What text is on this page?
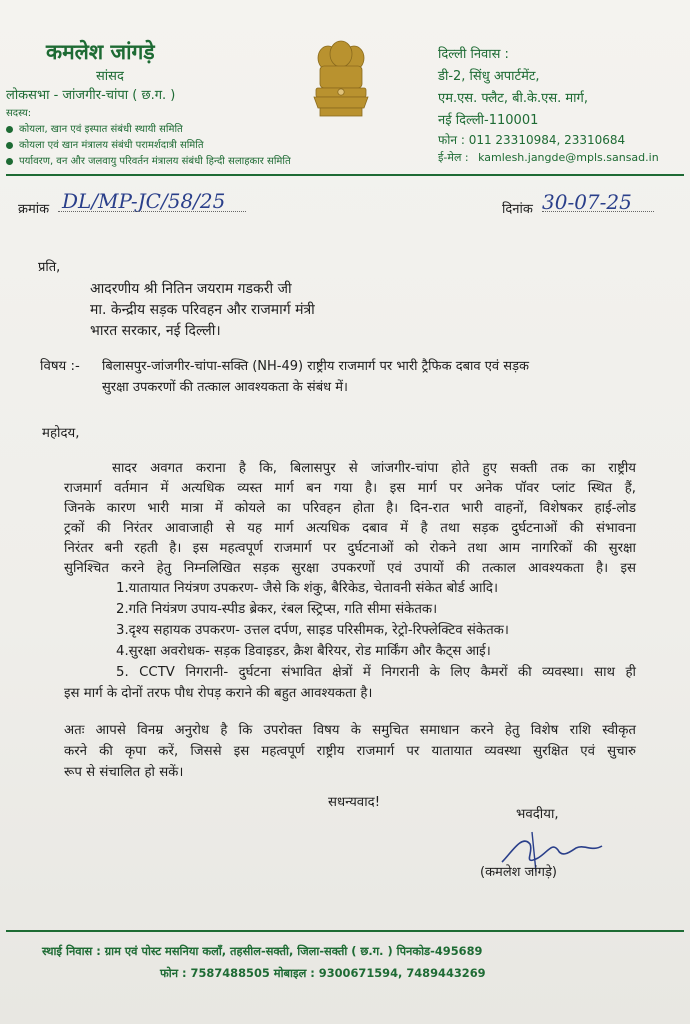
कमलेश जांगड़े
सांसद
लोकसभा - जांजगीर-चांपा ( छ.ग. )
सदस्य:
कोयला, खान एवं इस्पात संबंधी स्थायी समिति
कोयला एवं खान मंत्रालय संबंधी परामर्शदात्री समिति
पर्यावरण, वन और जलवायु परिवर्तन मंत्रालय संबंधी हिन्दी सलाहकार समिति
दिल्ली निवास :
डी-2, सिंधु अपार्टमेंट,
एम.एस. फ्लैट, बी.के.एस. मार्ग,
नई दिल्ली-110001
फोन : 011 23310984, 23310684
ई-मेल : kamlesh.jangde@mpls.sansad.in
क्रमांक DL/MP-JC/58/25	दिनांक 30-07-25
प्रति,
आदरणीय श्री नितिन जयराम गडकरी जी
मा. केन्द्रीय सड़क परिवहन और राजमार्ग मंत्री
भारत सरकार, नई दिल्ली।
विषय :- बिलासपुर-जांजगीर-चांपा-सक्ति (NH-49) राष्ट्रीय राजमार्ग पर भारी ट्रैफिक दबाव एवं सड़क
सुरक्षा उपकरणों की तत्काल आवश्यकता के संबंध में।
महोदय,
सादर अवगत कराना है कि, बिलासपुर से जांजगीर-चांपा होते हुए सक्ती तक का राष्ट्रीय
राजमार्ग वर्तमान में अत्यधिक व्यस्त मार्ग बन गया है। इस मार्ग पर अनेक पॉवर प्लांट स्थित हैं,
जिनके कारण भारी मात्रा में कोयले का परिवहन होता है। दिन-रात भारी वाहनों, विशेषकर हाई-लोड
ट्रकों की निरंतर आवाजाही से यह मार्ग अत्यधिक दबाव में है तथा सड़क दुर्घटनाओं की संभावना
निरंतर बनी रहती है। इस महत्वपूर्ण राजमार्ग पर दुर्घटनाओं को रोकने तथा आम नागरिकों की सुरक्षा
सुनिश्चित करने हेतु निम्नलिखित सड़क सुरक्षा उपकरणों एवं उपायों की तत्काल आवश्यकता है। इस
1.यातायात नियंत्रण उपकरण- जैसे कि शंकु, बैरिकेड, चेतावनी संकेत बोर्ड आदि।
2.गति नियंत्रण उपाय-स्पीड ब्रेकर, रंबल स्ट्रिप्स, गति सीमा संकेतक।
3.दृश्य सहायक उपकरण- उत्तल दर्पण, साइड परिसीमक, रेट्रो-रिफ्लेक्टिव संकेतक।
4.सुरक्षा अवरोधक- सड़क डिवाइडर, क्रैश बैरियर, रोड मार्किंग और कैट्स आई।
5. CCTV निगरानी- दुर्घटना संभावित क्षेत्रों में निगरानी के लिए कैमरों की व्यवस्था। साथ ही
इस मार्ग के दोनों तरफ पौध रोपड़ कराने की बहुत आवश्यकता है।
अतः आपसे विनम्र अनुरोध है कि उपरोक्त विषय के समुचित समाधान करने हेतु विशेष राशि स्वीकृत
करने की कृपा करें, जिससे इस महत्वपूर्ण राष्ट्रीय राजमार्ग पर यातायात व्यवस्था सुरक्षित एवं सुचारु
रूप से संचालित हो सकें।
सधन्यवाद!
भवदीया,
(कमलेश जांगड़े)
स्थाई निवास : ग्राम एवं पोस्ट मसनिया कलाँ, तहसील-सक्ती, जिला-सक्ती ( छ.ग. ) पिनकोड-495689
फोन : 7587488505 मोबाइल : 9300671594, 7489443269
